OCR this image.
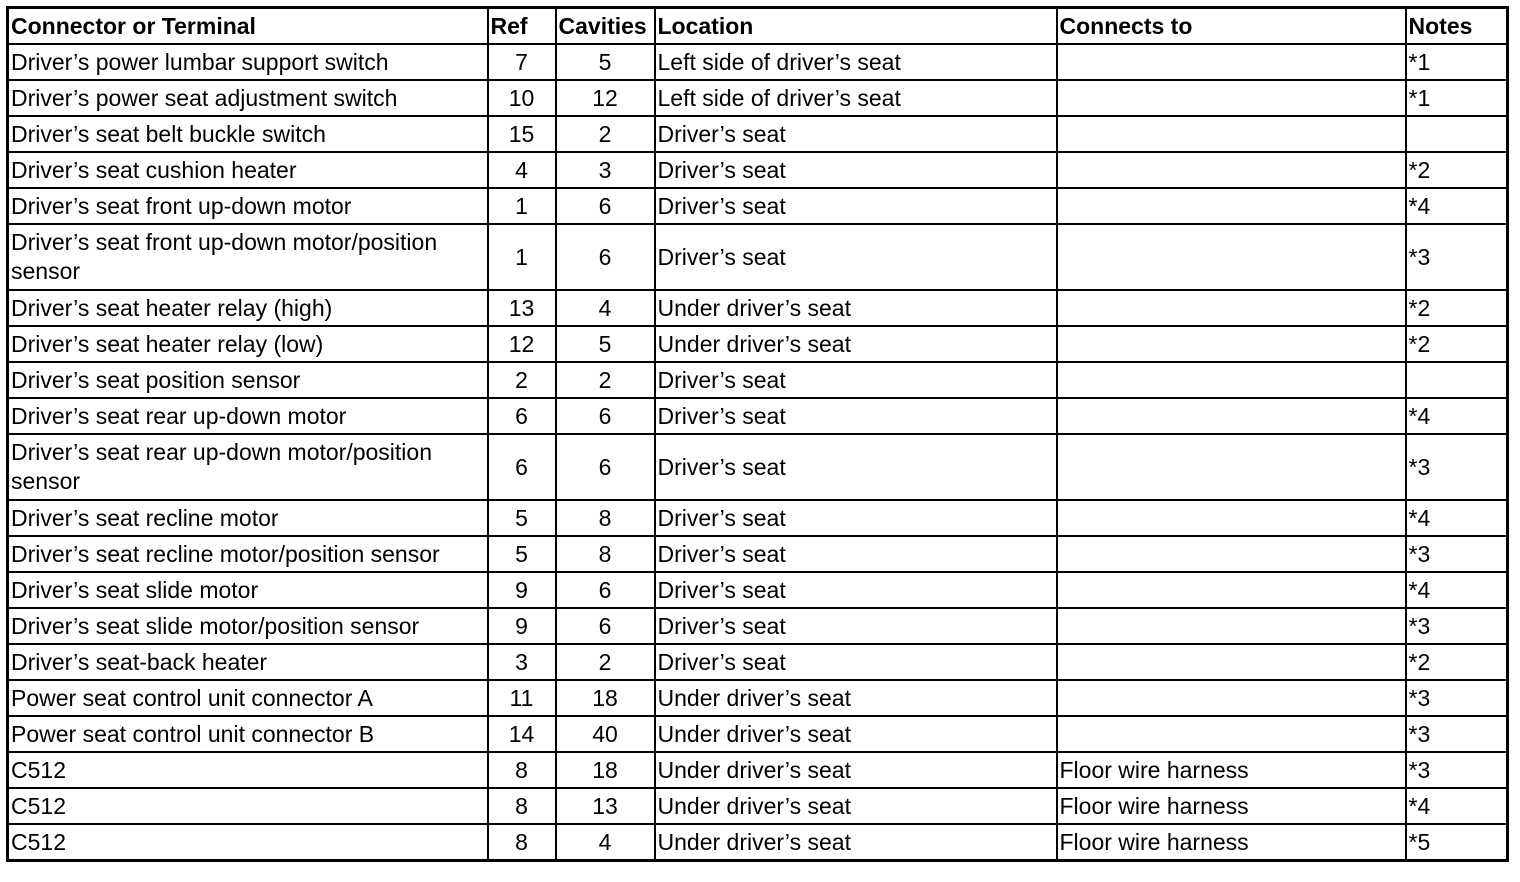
Connector or Terminal	Ref	Cavities	Location	Connects to	Notes
Driver’s power lumbar support switch	7	5	Left side of driver’s seat		*1
Driver’s power seat adjustment switch	10	12	Left side of driver’s seat		*1
Driver’s seat belt buckle switch	15	2	Driver’s seat		
Driver’s seat cushion heater	4	3	Driver’s seat		*2
Driver’s seat front up-down motor	1	6	Driver’s seat		*4
Driver’s seat front up-down motor/position sensor	1	6	Driver’s seat		*3
Driver’s seat heater relay (high)	13	4	Under driver’s seat		*2
Driver’s seat heater relay (low)	12	5	Under driver’s seat		*2
Driver’s seat position sensor	2	2	Driver’s seat		
Driver’s seat rear up-down motor	6	6	Driver’s seat		*4
Driver’s seat rear up-down motor/position sensor	6	6	Driver’s seat		*3
Driver’s seat recline motor	5	8	Driver’s seat		*4
Driver’s seat recline motor/position sensor	5	8	Driver’s seat		*3
Driver’s seat slide motor	9	6	Driver’s seat		*4
Driver’s seat slide motor/position sensor	9	6	Driver’s seat		*3
Driver’s seat-back heater	3	2	Driver’s seat		*2
Power seat control unit connector A	11	18	Under driver’s seat		*3
Power seat control unit connector B	14	40	Under driver’s seat		*3
C512	8	18	Under driver’s seat	Floor wire harness	*3
C512	8	13	Under driver’s seat	Floor wire harness	*4
C512	8	4	Under driver’s seat	Floor wire harness	*5
